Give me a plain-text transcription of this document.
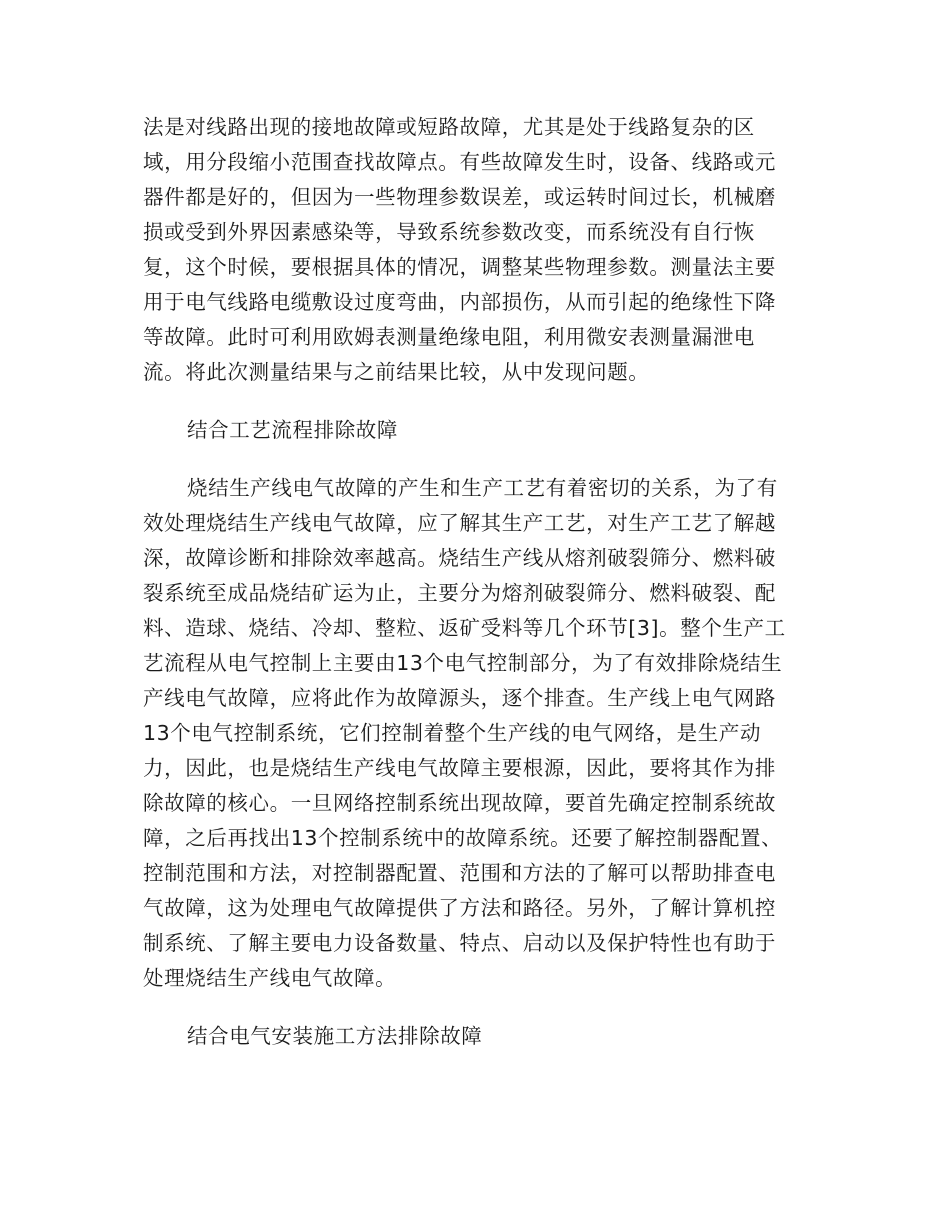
法是对线路出现的接地故障或短路故障，尤其是处于线路复杂的区
域，用分段缩小范围查找故障点。有些故障发生时，设备、线路或元
器件都是好的，但因为一些物理参数误差，或运转时间过长，机械磨
损或受到外界因素感染等，导致系统参数改变，而系统没有自行恢
复，这个时候，要根据具体的情况，调整某些物理参数。测量法主要
用于电气线路电缆敷设过度弯曲，内部损伤，从而引起的绝缘性下降
等故障。此时可利用欧姆表测量绝缘电阻，利用微安表测量漏泄电
流。将此次测量结果与之前结果比较，从中发现问题。
结合工艺流程排除故障
烧结生产线电气故障的产生和生产工艺有着密切的关系，为了有
效处理烧结生产线电气故障，应了解其生产工艺，对生产工艺了解越
深，故障诊断和排除效率越高。烧结生产线从熔剂破裂筛分、燃料破
裂系统至成品烧结矿运为止，主要分为熔剂破裂筛分、燃料破裂、配
料、造球、烧结、冷却、整粒、返矿受料等几个环节[3]。整个生产工
艺流程从电气控制上主要由13个电气控制部分，为了有效排除烧结生
产线电气故障，应将此作为故障源头，逐个排查。生产线上电气网路
13个电气控制系统，它们控制着整个生产线的电气网络，是生产动
力，因此，也是烧结生产线电气故障主要根源，因此，要将其作为排
除故障的核心。一旦网络控制系统出现故障，要首先确定控制系统故
障，之后再找出13个控制系统中的故障系统。还要了解控制器配置、
控制范围和方法，对控制器配置、范围和方法的了解可以帮助排查电
气故障，这为处理电气故障提供了方法和路径。另外，了解计算机控
制系统、了解主要电力设备数量、特点、启动以及保护特性也有助于
处理烧结生产线电气故障。
结合电气安装施工方法排除故障
